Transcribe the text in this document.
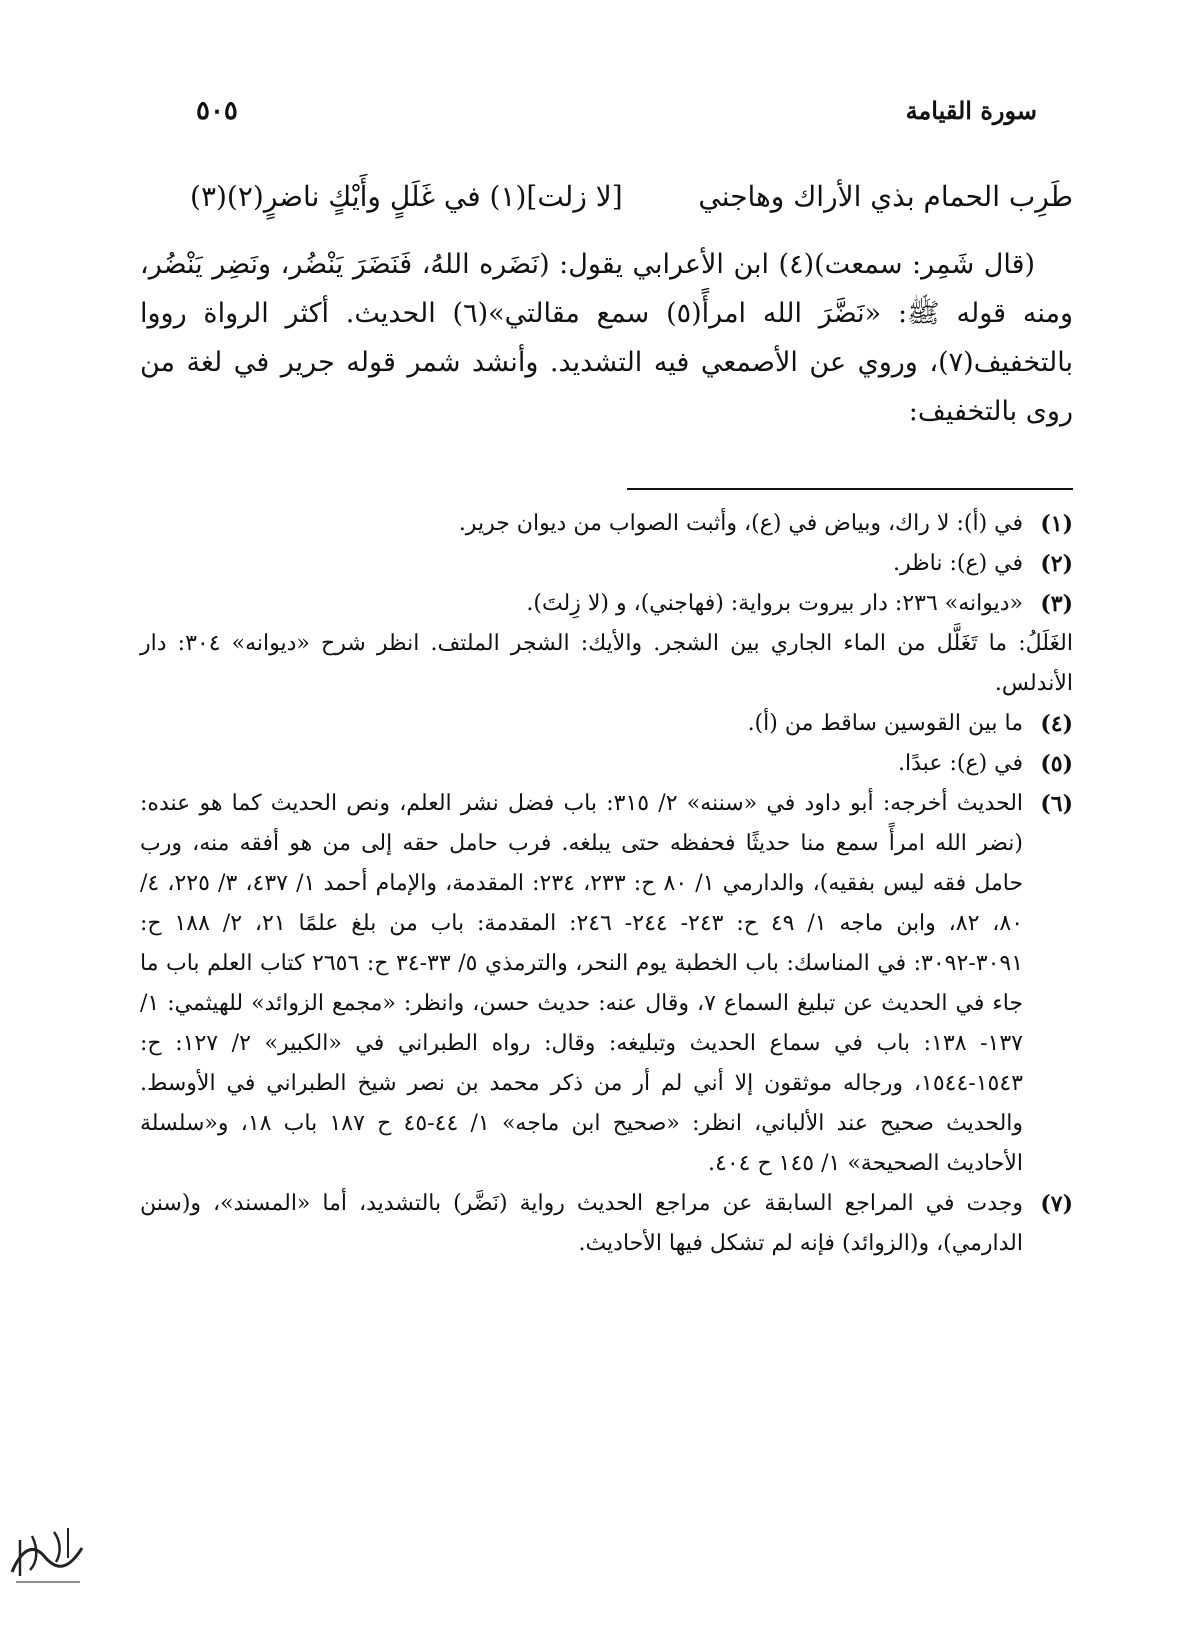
سورة القيامة
٥٠٥
طَرِب الحمام بذي الأراك وهاجني
[لا زلت](١) في غَلَلٍ وأَيْكٍ ناضرٍ(٢)(٣)

(قال شَمِر: سمعت)(٤) ابن الأعرابي يقول: (نَضَره اللهُ، فَنَضَرَ يَنْضُر، ونَضِر يَنْضُر، ومنه قوله ﷺ: «نَضَّرَ الله امرأً(٥) سمع مقالتي»(٦) الحديث. أكثر الرواة رووا بالتخفيف(٧)، وروي عن الأصمعي فيه التشديد. وأنشد شمر قوله جرير في لغة من روى بالتخفيف:

(١)
في (أ): لا راك، وبياض في (ع)، وأثبت الصواب من ديوان جرير.
(٢)
في (ع): ناظر.
(٣)
«ديوانه» ٢٣٦: دار بيروت برواية: (فهاجني)، و (لا زِلتَ).
الغَلَلُ: ما تَغَلَّل من الماء الجاري بين الشجر. والأيك: الشجر الملتف. انظر شرح «ديوانه» ٣٠٤: دار الأندلس.
(٤)
ما بين القوسين ساقط من (أ).
(٥)
في (ع): عبدًا.
(٦)
الحديث أخرجه: أبو داود في «سننه» ٢/ ٣١٥: باب فضل نشر العلم، ونص الحديث كما هو عنده: (نضر الله امرأً سمع منا حديثًا فحفظه حتى يبلغه. فرب حامل حقه إلى من هو أفقه منه، ورب حامل فقه ليس بفقيه)، والدارمي ١/ ٨٠ ح: ٢٣٣، ٢٣٤: المقدمة، والإمام أحمد ١/ ٤٣٧، ٣/ ٢٢٥، ٤/ ٨٠، ٨٢، وابن ماجه ١/ ٤٩ ح: ٢٤٣- ٢٤٤- ٢٤٦: المقدمة: باب من بلغ علمًا ٢١، ٢/ ١٨٨ ح: ٣٠٩١-٣٠٩٢: في المناسك: باب الخطبة يوم النحر، والترمذي ٥/ ٣٣-٣٤ ح: ٢٦٥٦ كتاب العلم باب ما جاء في الحديث عن تبليغ السماع ٧، وقال عنه: حديث حسن، وانظر: «مجمع الزوائد» للهيثمي: ١/ ١٣٧- ١٣٨: باب في سماع الحديث وتبليغه: وقال: رواه الطبراني في «الكبير» ٢/ ١٢٧: ح: ١٥٤٣-١٥٤٤، ورجاله موثقون إلا أني لم أر من ذكر محمد بن نصر شيخ الطبراني في الأوسط. والحديث صحيح عند الألباني، انظر: «صحيح ابن ماجه» ١/ ٤٤-٤٥ ح ١٨٧ باب ١٨، و«سلسلة الأحاديث الصحيحة» ١/ ١٤٥ ح ٤٠٤.
(٧)
وجدت في المراجع السابقة عن مراجع الحديث رواية (نَضَّر) بالتشديد، أما «المسند»، و(سنن الدارمي)، و(الزوائد) فإنه لم تشكل فيها الأحاديث.
